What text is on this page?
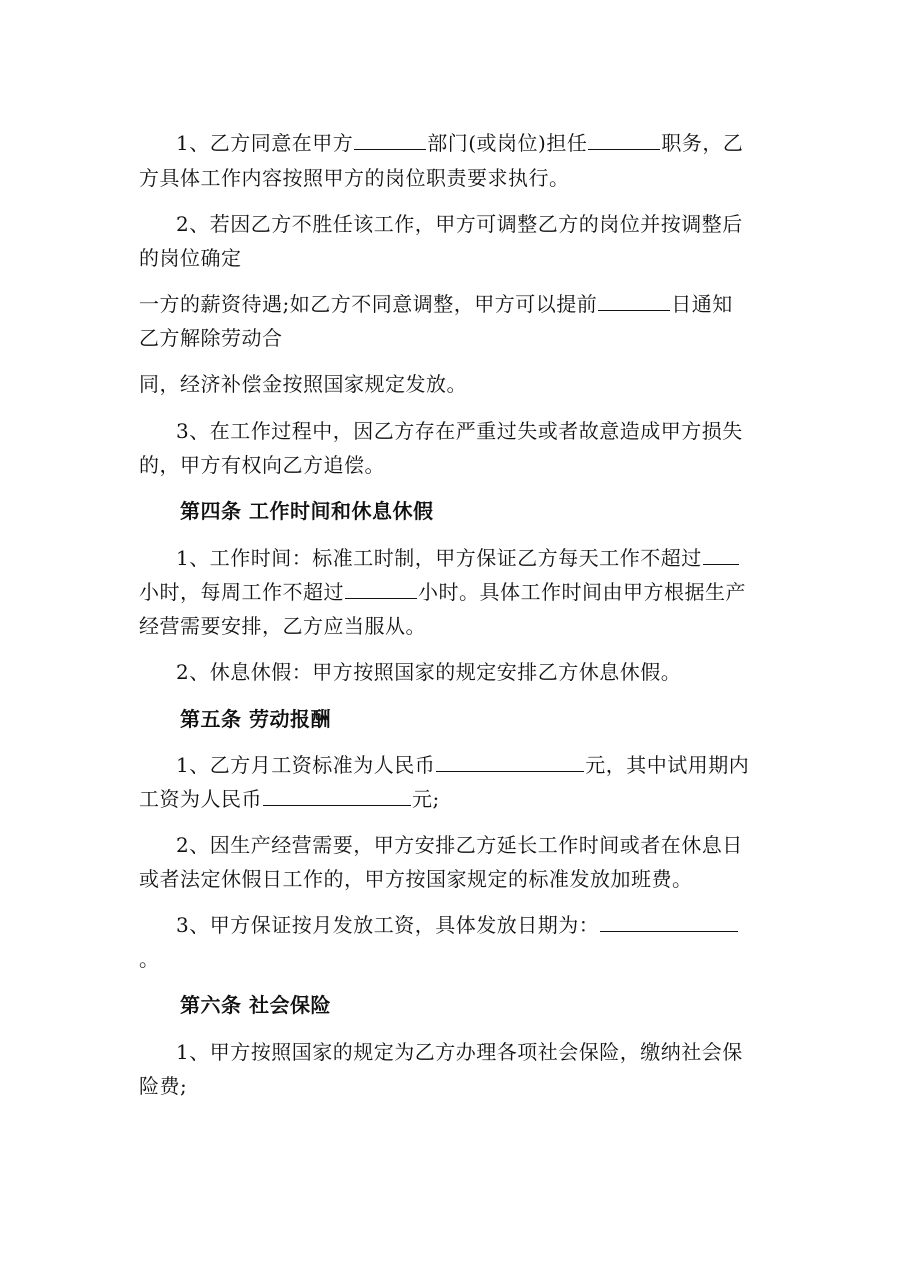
1、乙方同意在甲方	部门(或岗位)担任	职务，乙
方具体工作内容按照甲方的岗位职责要求执行。
2、若因乙方不胜任该工作，甲方可调整乙方的岗位并按调整后
的岗位确定
一方的薪资待遇;如乙方不同意调整，甲方可以提前	日通知
乙方解除劳动合
同，经济补偿金按照国家规定发放。
3、在工作过程中，因乙方存在严重过失或者故意造成甲方损失
的，甲方有权向乙方追偿。
第四条 工作时间和休息休假
1、工作时间：标准工时制，甲方保证乙方每天工作不超过
小时，每周工作不超过	小时。具体工作时间由甲方根据生产
经营需要安排，乙方应当服从。
2、休息休假：甲方按照国家的规定安排乙方休息休假。
第五条 劳动报酬
1、乙方月工资标准为人民币	元，其中试用期内
工资为人民币	元;
2、因生产经营需要，甲方安排乙方延长工作时间或者在休息日
或者法定休假日工作的，甲方按国家规定的标准发放加班费。
3、甲方保证按月发放工资，具体发放日期为：
。
第六条 社会保险
1、甲方按照国家的规定为乙方办理各项社会保险，缴纳社会保
险费;
